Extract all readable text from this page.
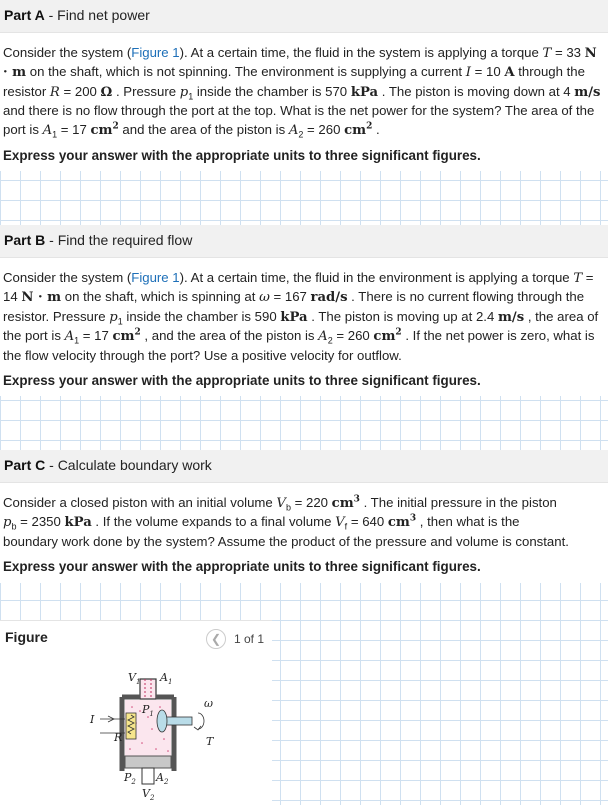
Part A - Find net power

Consider the system (Figure 1). At a certain time, the fluid in the system is applying a torque T = 33 N · m on the shaft, which is not spinning. The environment is supplying a current I = 10 A through the resistor R = 200 Ω . Pressure $p_1$ inside the chamber is 570 kPa . The piston is moving down at 4 m/s and there is no flow through the port at the top. What is the net power for the system? The area of the port is $A_1 = 17$ $cm^2$ and the area of the piston is $A_2 = 260$ $cm^2$ .

Express your answer with the appropriate units to three significant figures.

Part B - Find the required flow

Consider the system (Figure 1). At a certain time, the fluid in the environment is applying a torque T = 14 N · m on the shaft, which is spinning at ω = 167 rad/s . There is no current flowing through the resistor. Pressure $p_1$ inside the chamber is 590 kPa . The piston is moving up at 2.4 m/s , the area of the port is $A_1 = 17$ $cm^2$ , and the area of the piston is $A_2 = 260$ $cm^2$ . If the net power is zero, what is the flow velocity through the port? Use a positive velocity for outflow.

Express your answer with the appropriate units to three significant figures.

Part C - Calculate boundary work

Consider a closed piston with an initial volume $V_b = 220$ $cm^3$ . The initial pressure in the piston

$p_b = 2350$ kPa . If the volume expands to a final volume $V_f = 640$ $cm^3$ , then what is the

boundary work done by the system? Assume the product of the pressure and volume is constant.

Express your answer with the appropriate units to three significant figures.

Figure	❮	1 of 1
$V_1$ $A_1$
$P_1$
I
R
ω
T
$P_2$ $A_2$
$V_2$
